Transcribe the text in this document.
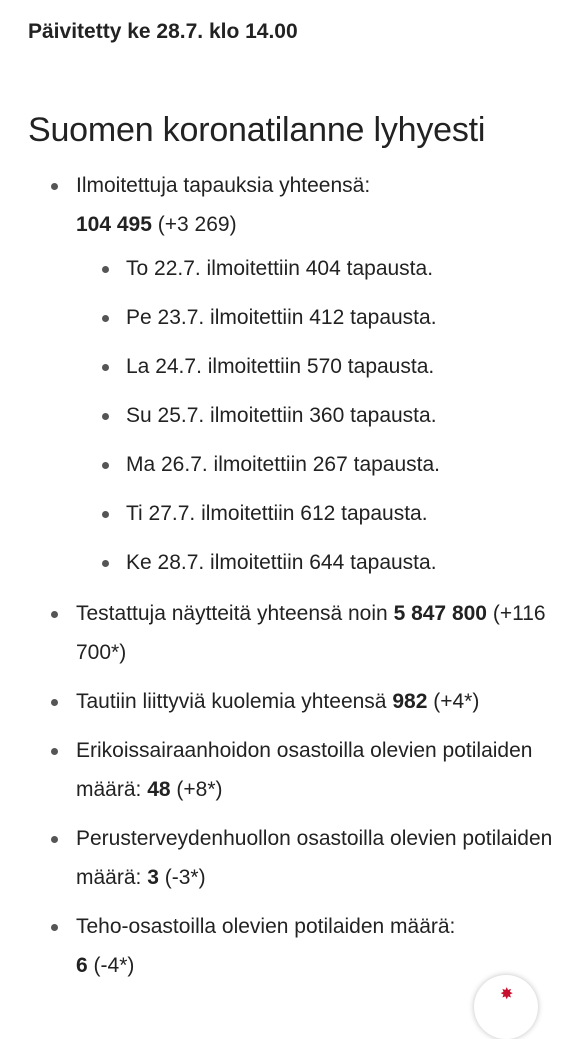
Päivitetty ke 28.7. klo 14.00

Suomen koronatilanne lyhyesti
Ilmoitettuja tapauksia yhteensä:
104 495 (+3 269)
To 22.7. ilmoitettiin 404 tapausta.
Pe 23.7. ilmoitettiin 412 tapausta.
La 24.7. ilmoitettiin 570 tapausta.
Su 25.7. ilmoitettiin 360 tapausta.
Ma 26.7. ilmoitettiin 267 tapausta.
Ti 27.7. ilmoitettiin 612 tapausta.
Ke 28.7. ilmoitettiin 644 tapausta.
Testattuja näytteitä yhteensä noin 5 847 800 (+116 700*)
Tautiin liittyviä kuolemia yhteensä 982 (+4*)
Erikoissairaanhoidon osastoilla olevien potilaiden määrä: 48 (+8*)
Perusterveydenhuollon osastoilla olevien potilaiden määrä: 3 (-3*)
Teho-osastoilla olevien potilaiden määrä:
6 (-4*)
✸
